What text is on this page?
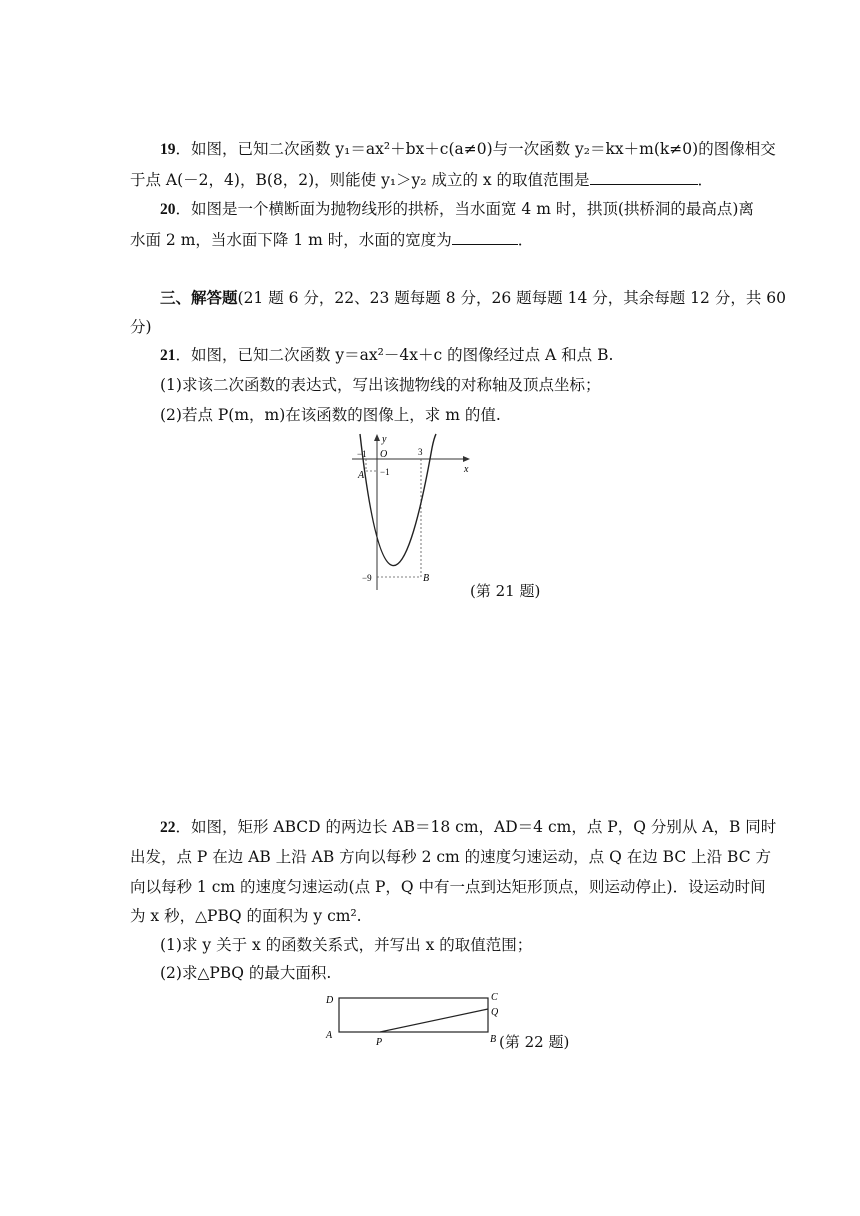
19．如图，已知二次函数 y₁＝ax²＋bx＋c(a≠0)与一次函数 y₂＝kx＋m(k≠0)的图像相交
于点 A(－2，4)，B(8，2)，则能使 y₁＞y₂ 成立的 x 的取值范围是	．
20．如图是一个横断面为抛物线形的拱桥，当水面宽 4 m 时，拱顶(拱桥洞的最高点)离
水面 2 m，当水面下降 1 m 时，水面的宽度为	．
三、解答题(21 题 6 分，22、23 题每题 8 分，26 题每题 14 分，其余每题 12 分，共 60
分)
21．如图，已知二次函数 y＝ax²－4x＋c 的图像经过点 A 和点 B.
(1)求该二次函数的表达式，写出该抛物线的对称轴及顶点坐标；
(2)若点 P(m，m)在该函数的图像上，求 m 的值.
y
x
O
−1	3
−1
A
−9	B
(第 21 题)
22．如图，矩形 ABCD 的两边长 AB＝18 cm，AD＝4 cm，点 P，Q 分别从 A，B 同时
出发，点 P 在边 AB 上沿 AB 方向以每秒 2 cm 的速度匀速运动，点 Q 在边 BC 上沿 BC 方
向以每秒 1 cm 的速度匀速运动(点 P，Q 中有一点到达矩形顶点，则运动停止)．设运动时间
为 x 秒，△PBQ 的面积为 y cm².
(1)求 y 关于 x 的函数关系式，并写出 x 的取值范围；
(2)求△PBQ 的最大面积.
D	C
Q
A
P	B (第 22 题)
